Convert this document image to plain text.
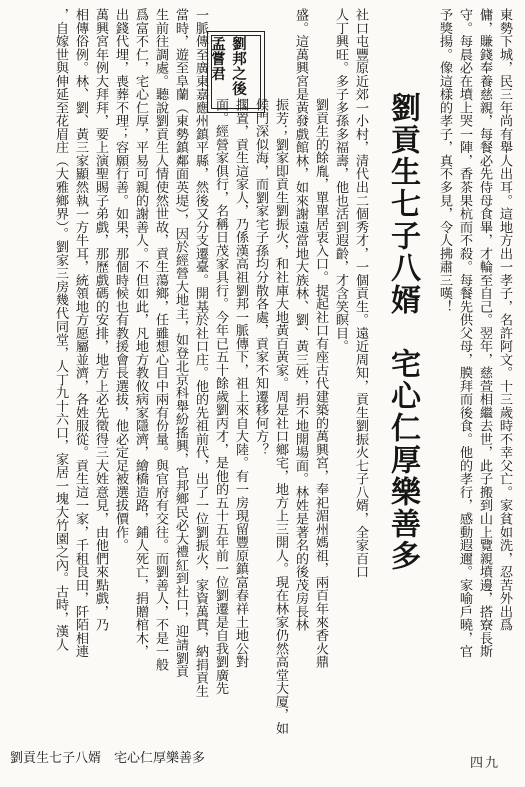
東勢下城，民三年尚有舉人出耳。這地方出一孝子，名許阿文。十三歲時不幸父亡。家貧如洗，忍苦外出爲
傭，賺錢奉養慈親，每餐必先侍母食畢，才輪至自己。翌年，慈萱相繼去世，此子搬到山上覽親墳邊，搭寮長斯
守。每晨必在墳上哭一陣，香茶果杭而不殺。每餐先供父母，膜拜而後食。他的孝行，感動遐邇。家喻戶曉，官
予獎揚。像這樣的孝子，真不多見，令人拂肅三嘆！
劉貢生七子八婿　宅心仁厚樂善多
劉邦之後孟嘗君	社口屯豐原近郊一小村，清代出二個秀才，一個貢生。遠近周知，貢生劉振火七子八婿，全家百口
人丁興旺。多子多孫多福壽，他也活到遐齡，才含笑瞑目。
劉貢生的餘胤，單單居衷入口。提起社口有座古代建築的萬興宮，奉祀湄州媽祖，兩百年來香火鼎
盛。這萬興宮是黃發戲館林，如來謝遠當地大族林、劉、黃三姓，捐不地開場面。林姓是著名的後茂房長林
振芳；劉家即貢生劉振火，和社庫大地黃百黃家。周是社口鄉宅，地方上三開人。現在林家仍然高堂大厦，如
候門深似海，而劉家宅子孫均分散各處，貢家不知遷移何方？
擱置，貢生這家人，乃係漢高祖劉邦一脈傳下，祖上來自大陸。有一房現留豐原鎮富春祥土地公對
面。經營家俱行，名稱日茂家具行。今年已五十餘歲劉丙才，是他的五十五年前一位劉遷是自我劉廣先
一脈傳至廣東嘉應州鎮平縣，然後又分支遷臺。開基於社口庄。他的先祖前代，出了一位劉振火，家資萬貫，納捐貢生
當時，遊至阜蘭（東勢鎮鄰面英堤），因於經營大地主，如登北京科舉紛搖興，官邦鄉民必大禮紅到社口，迎請劉貢
生前往調處。聽說劉貢生人情使然世故，貢生蕩鄉，任雖想心目中兩有份量。與官府有交往。而劉善人，不是一般
爲富不仁，宅心仁厚，平易可親的謝善人。不但如此，凡地方教攸病家隱濟，繪橋造路，鋪人死亡，捐贈棺木，
出錢代埋，喪葬不理；容願行善。如果，那個時候也有教援會長選拔，他必定足被選拔價作。
萬興宮年例大拜拜，要上演聖賜子弟戲，那歷戲碼的安排，地方上必先徵得三大姓意見，由他們來點戲，乃
相傳俗例。林、劉、黃三家顯然執一方牛耳，統領地方愿屬並濟，各姓服從。貢生這一家，千租良田，阡陌相連
，自嫁世與伸延至花眉庄（大雅鄉界）。劉家三房幾代同堂，人丁九十六口，家居一塊大竹園之內。古時，漢人
劉貢生七子八婿　宅心仁厚樂善多	四九
